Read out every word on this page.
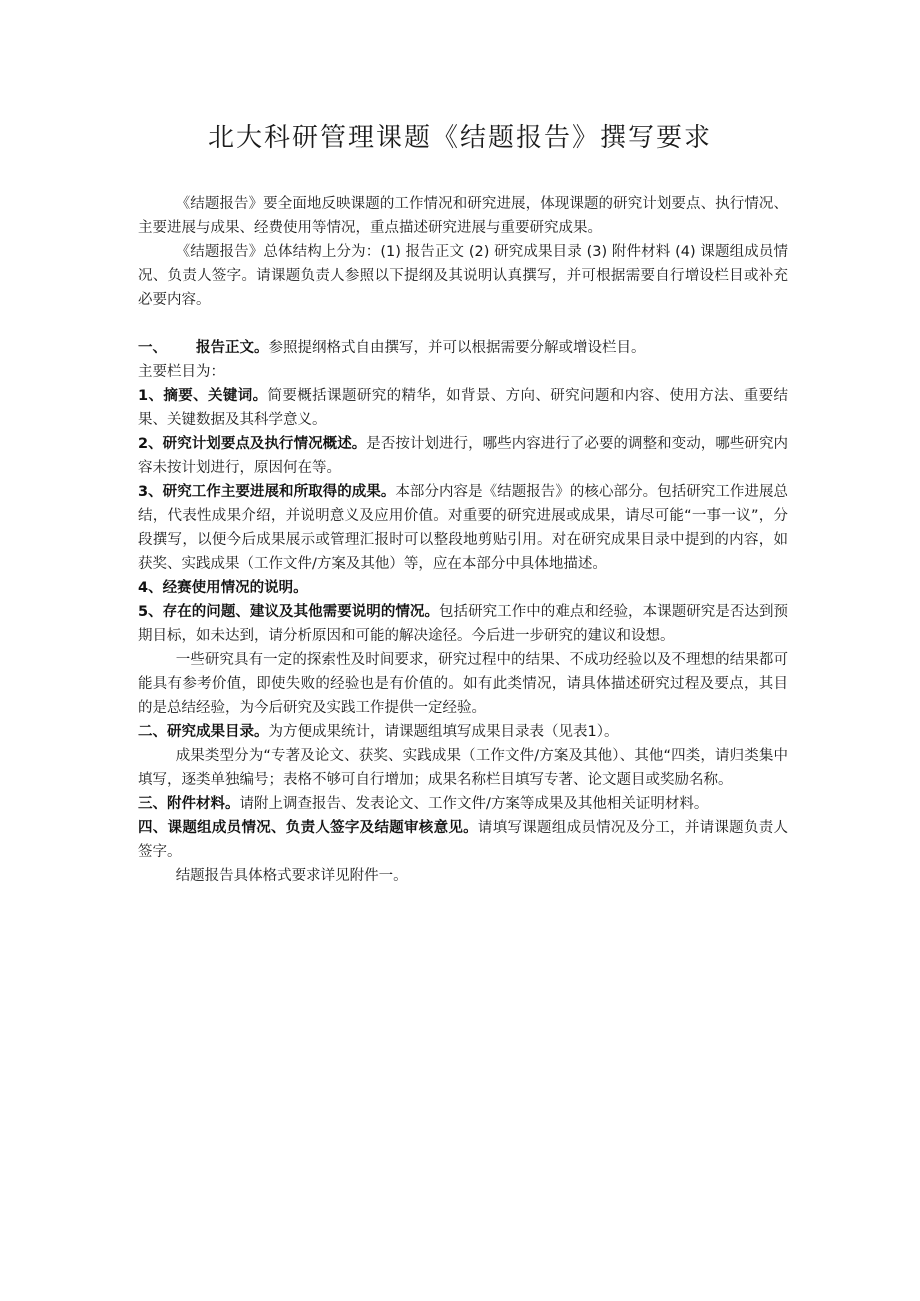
北大科研管理课题《结题报告》撰写要求

《结题报告》要全面地反映课题的工作情况和研究进展，体现课题的研究计划要点、执行情况、主要进展与成果、经费使用等情况，重点描述研究进展与重要研究成果。

《结题报告》总体结构上分为：(1) 报告正文 (2) 研究成果目录 (3) 附件材料 (4) 课题组成员情况、负责人签字。请课题负责人参照以下提纲及其说明认真撰写，并可根据需要自行增设栏目或补充必要内容。

一、 报告正文。参照提纲格式自由撰写，并可以根据需要分解或增设栏目。

主要栏目为：

1、摘要、关键词。简要概括课题研究的精华，如背景、方向、研究问题和内容、使用方法、重要结果、关键数据及其科学意义。

2、研究计划要点及执行情况概述。是否按计划进行，哪些内容进行了必要的调整和变动，哪些研究内容未按计划进行，原因何在等。

3、研究工作主要进展和所取得的成果。本部分内容是《结题报告》的核心部分。包括研究工作进展总结，代表性成果介绍，并说明意义及应用价值。对重要的研究进展或成果，请尽可能“一事一议”，分段撰写，以便今后成果展示或管理汇报时可以整段地剪贴引用。对在研究成果目录中提到的内容，如获奖、实践成果（工作文件/方案及其他）等，应在本部分中具体地描述。

4、经赛使用情况的说明。

5、存在的问题、建议及其他需要说明的情况。包括研究工作中的难点和经验，本课题研究是否达到预期目标，如未达到，请分析原因和可能的解决途径。今后进一步研究的建议和设想。

一些研究具有一定的探索性及时间要求，研究过程中的结果、不成功经验以及不理想的结果都可能具有参考价值，即使失败的经验也是有价值的。如有此类情况，请具体描述研究过程及要点，其目的是总结经验，为今后研究及实践工作提供一定经验。

二、研究成果目录。为方便成果统计，请课题组填写成果目录表（见表1）。

成果类型分为“专著及论文、获奖、实践成果（工作文件/方案及其他）、其他“四类，请归类集中填写，逐类单独编号；表格不够可自行增加；成果名称栏目填写专著、论文题目或奖励名称。

三、附件材料。请附上调查报告、发表论文、工作文件/方案等成果及其他相关证明材料。

四、课题组成员情况、负责人签字及结题审核意见。请填写课题组成员情况及分工，并请课题负责人签字。

结题报告具体格式要求详见附件一。
